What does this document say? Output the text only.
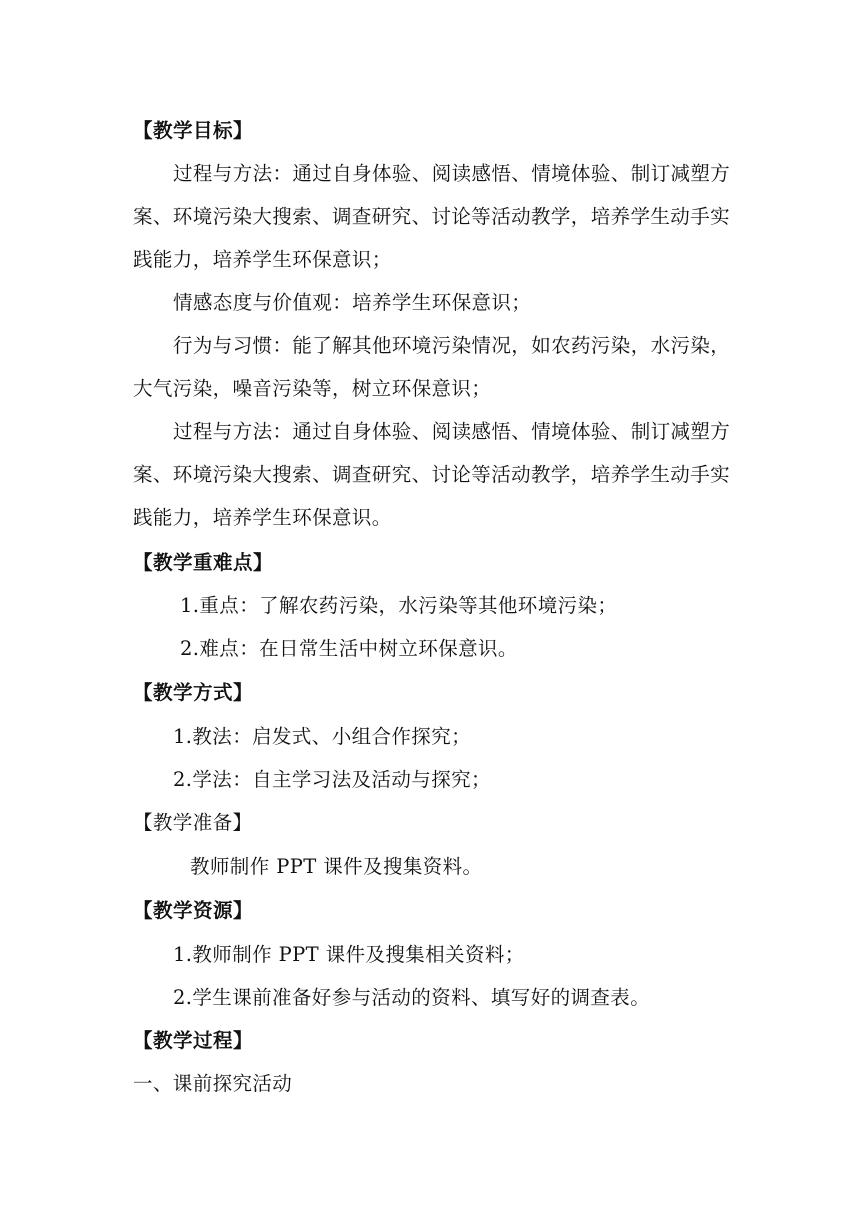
【教学目标】
过程与方法：通过自身体验、阅读感悟、情境体验、制订减塑方
案、环境污染大搜索、调查研究、讨论等活动教学，培养学生动手实
践能力，培养学生环保意识；
情感态度与价值观：培养学生环保意识；
行为与习惯：能了解其他环境污染情况，如农药污染，水污染，
大气污染，噪音污染等，树立环保意识；
过程与方法：通过自身体验、阅读感悟、情境体验、制订减塑方
案、环境污染大搜索、调查研究、讨论等活动教学，培养学生动手实
践能力，培养学生环保意识。
【教学重难点】
1.重点：了解农药污染，水污染等其他环境污染；
2.难点：在日常生活中树立环保意识。
【教学方式】
1.教法：启发式、小组合作探究；
2.学法：自主学习法及活动与探究；
【教学准备】
教师制作 PPT 课件及搜集资料。
【教学资源】
1.教师制作 PPT 课件及搜集相关资料；
2.学生课前准备好参与活动的资料、填写好的调查表。
【教学过程】
一、课前探究活动
